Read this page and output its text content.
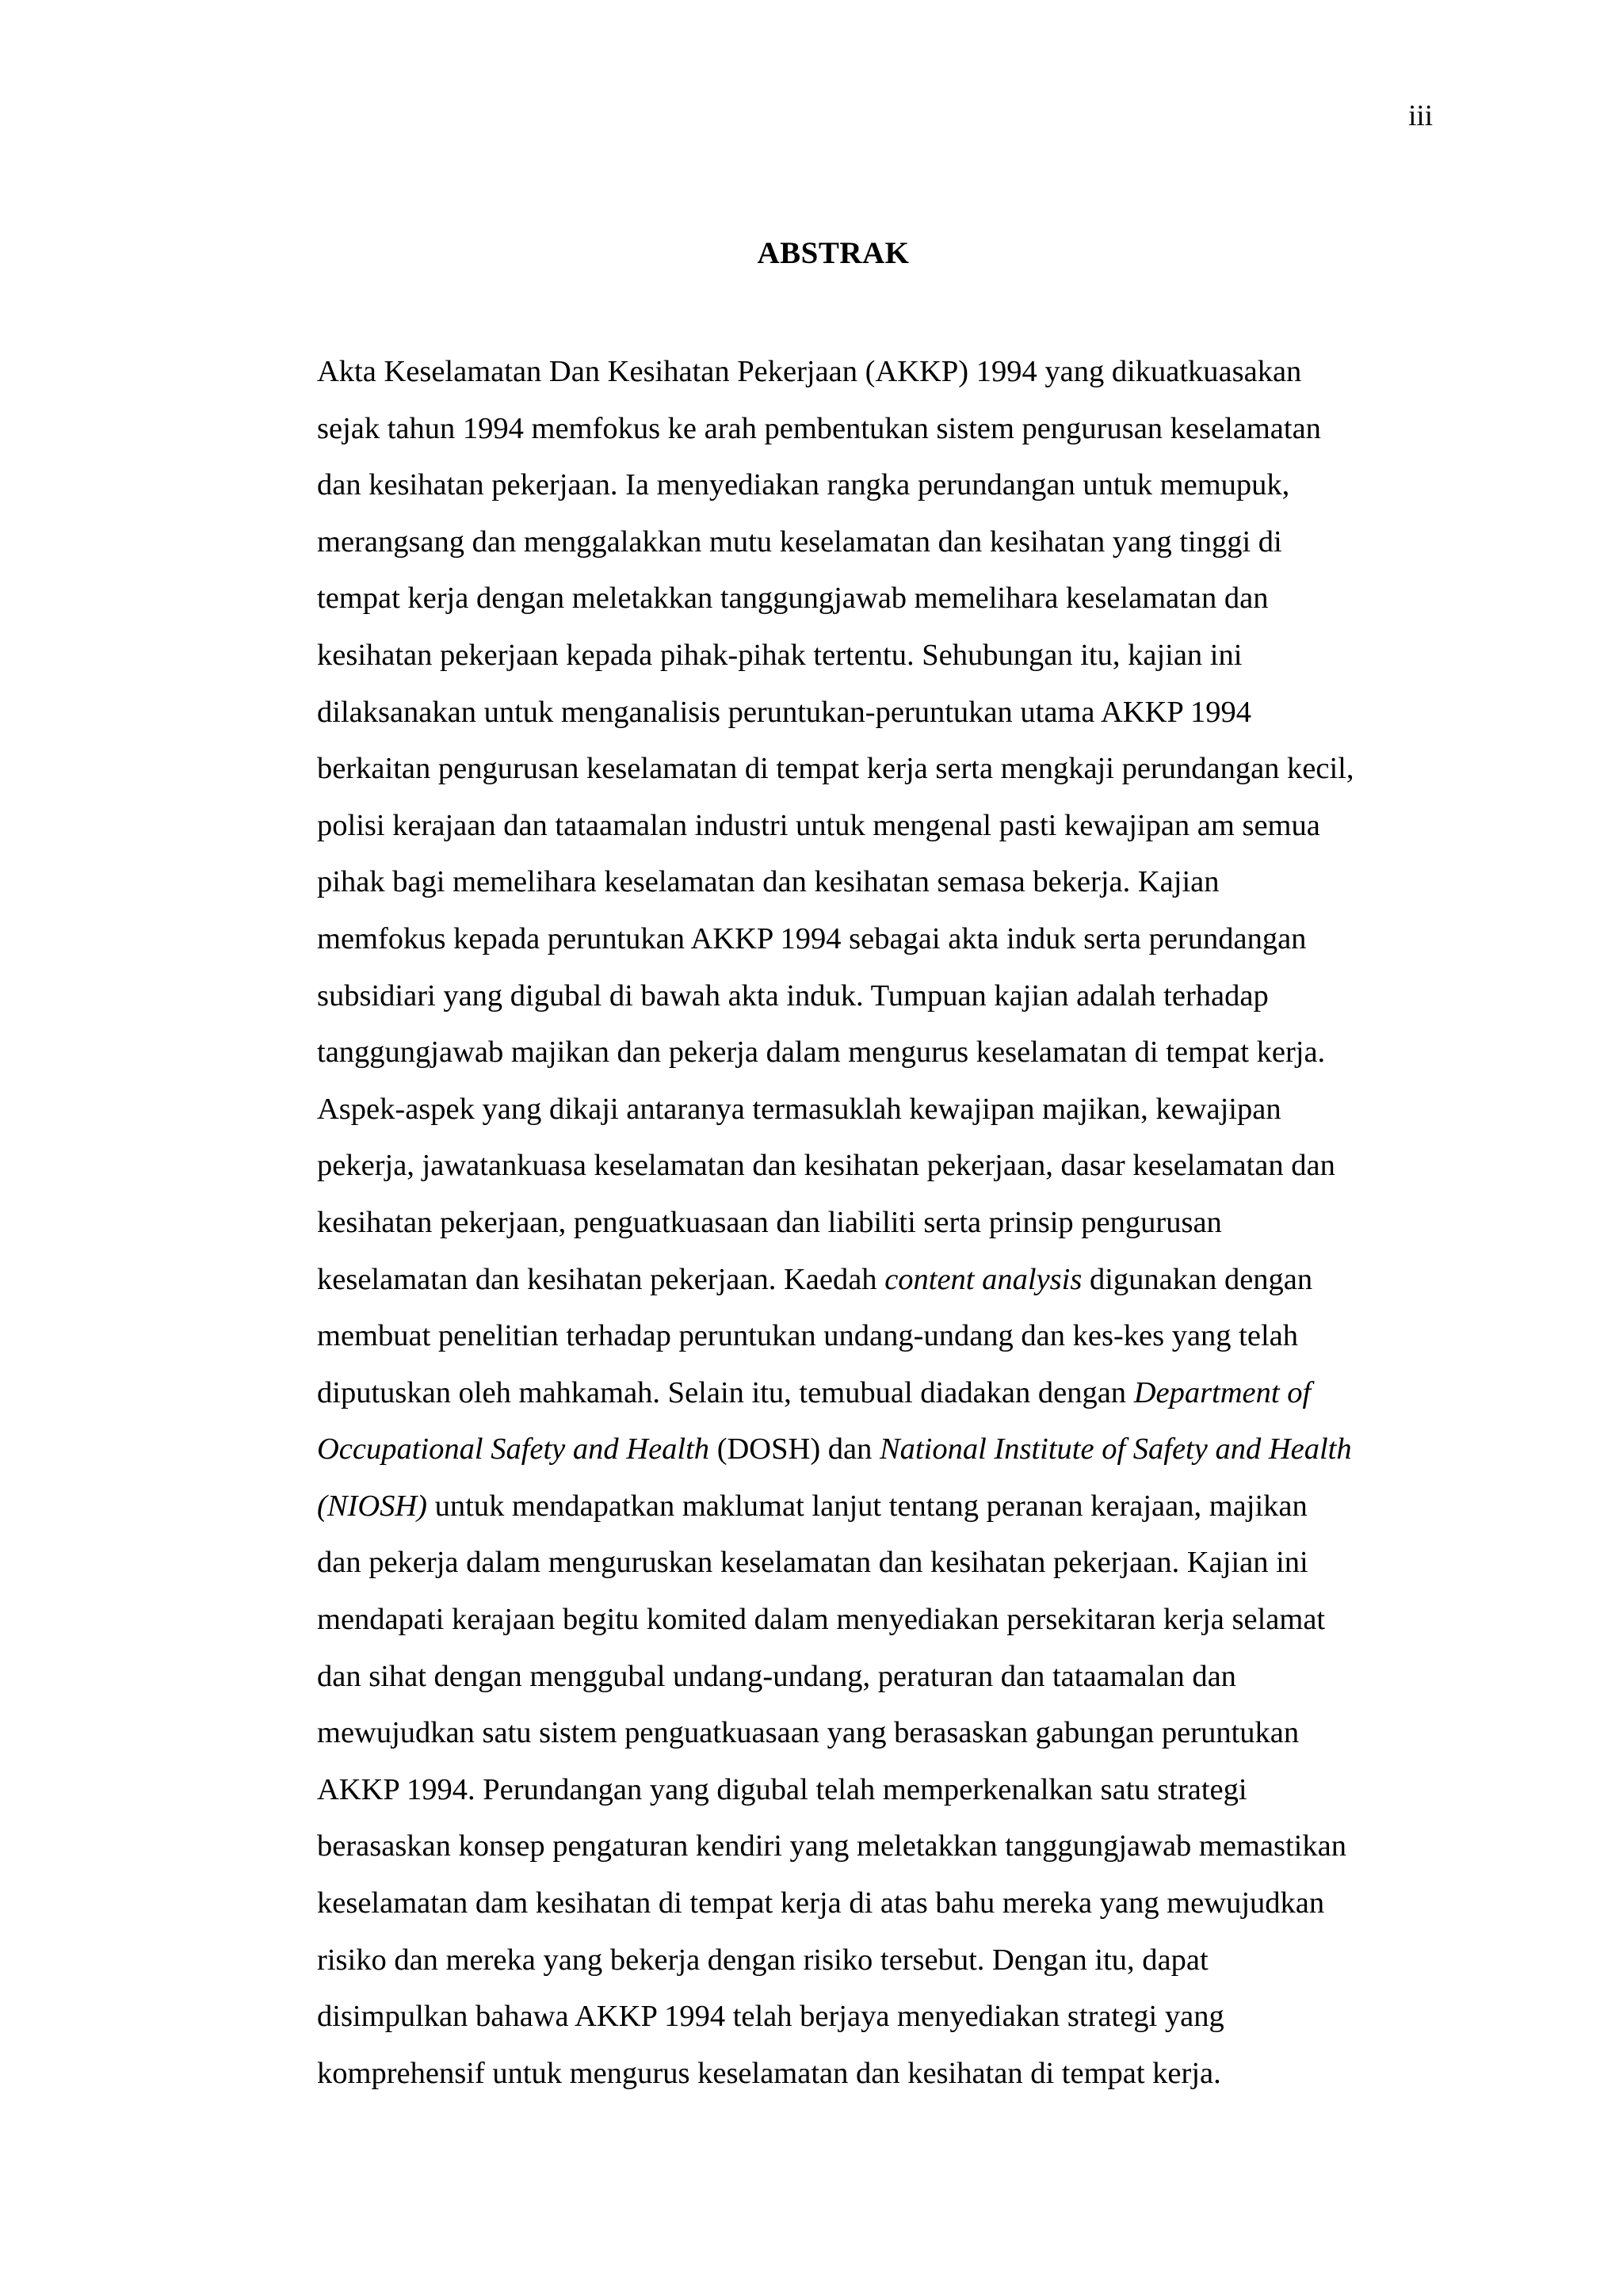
iii
ABSTRAK
Akta Keselamatan Dan Kesihatan Pekerjaan (AKKP) 1994 yang dikuatkuasakan
sejak tahun 1994 memfokus ke arah pembentukan sistem pengurusan keselamatan
dan kesihatan pekerjaan. Ia menyediakan rangka perundangan untuk memupuk,
merangsang dan menggalakkan mutu keselamatan dan kesihatan yang tinggi di
tempat kerja dengan meletakkan tanggungjawab memelihara keselamatan dan
kesihatan pekerjaan kepada pihak-pihak tertentu. Sehubungan itu, kajian ini
dilaksanakan untuk menganalisis peruntukan-peruntukan utama AKKP 1994
berkaitan pengurusan keselamatan di tempat kerja serta mengkaji perundangan kecil,
polisi kerajaan dan tataamalan industri untuk mengenal pasti kewajipan am semua
pihak bagi memelihara keselamatan dan kesihatan semasa bekerja. Kajian
memfokus kepada peruntukan AKKP 1994 sebagai akta induk serta perundangan
subsidiari yang digubal di bawah akta induk. Tumpuan kajian adalah terhadap
tanggungjawab majikan dan pekerja dalam mengurus keselamatan di tempat kerja.
Aspek-aspek yang dikaji antaranya termasuklah kewajipan majikan, kewajipan
pekerja, jawatankuasa keselamatan dan kesihatan pekerjaan, dasar keselamatan dan
kesihatan pekerjaan, penguatkuasaan dan liabiliti serta prinsip pengurusan
keselamatan dan kesihatan pekerjaan. Kaedah content analysis digunakan dengan
membuat penelitian terhadap peruntukan undang-undang dan kes-kes yang telah
diputuskan oleh mahkamah. Selain itu, temubual diadakan dengan Department of
Occupational Safety and Health (DOSH) dan National Institute of Safety and Health
(NIOSH) untuk mendapatkan maklumat lanjut tentang peranan kerajaan, majikan
dan pekerja dalam menguruskan keselamatan dan kesihatan pekerjaan. Kajian ini
mendapati kerajaan begitu komited dalam menyediakan persekitaran kerja selamat
dan sihat dengan menggubal undang-undang, peraturan dan tataamalan dan
mewujudkan satu sistem penguatkuasaan yang berasaskan gabungan peruntukan
AKKP 1994. Perundangan yang digubal telah memperkenalkan satu strategi
berasaskan konsep pengaturan kendiri yang meletakkan tanggungjawab memastikan
keselamatan dam kesihatan di tempat kerja di atas bahu mereka yang mewujudkan
risiko dan mereka yang bekerja dengan risiko tersebut. Dengan itu, dapat
disimpulkan bahawa AKKP 1994 telah berjaya menyediakan strategi yang
komprehensif untuk mengurus keselamatan dan kesihatan di tempat kerja.
